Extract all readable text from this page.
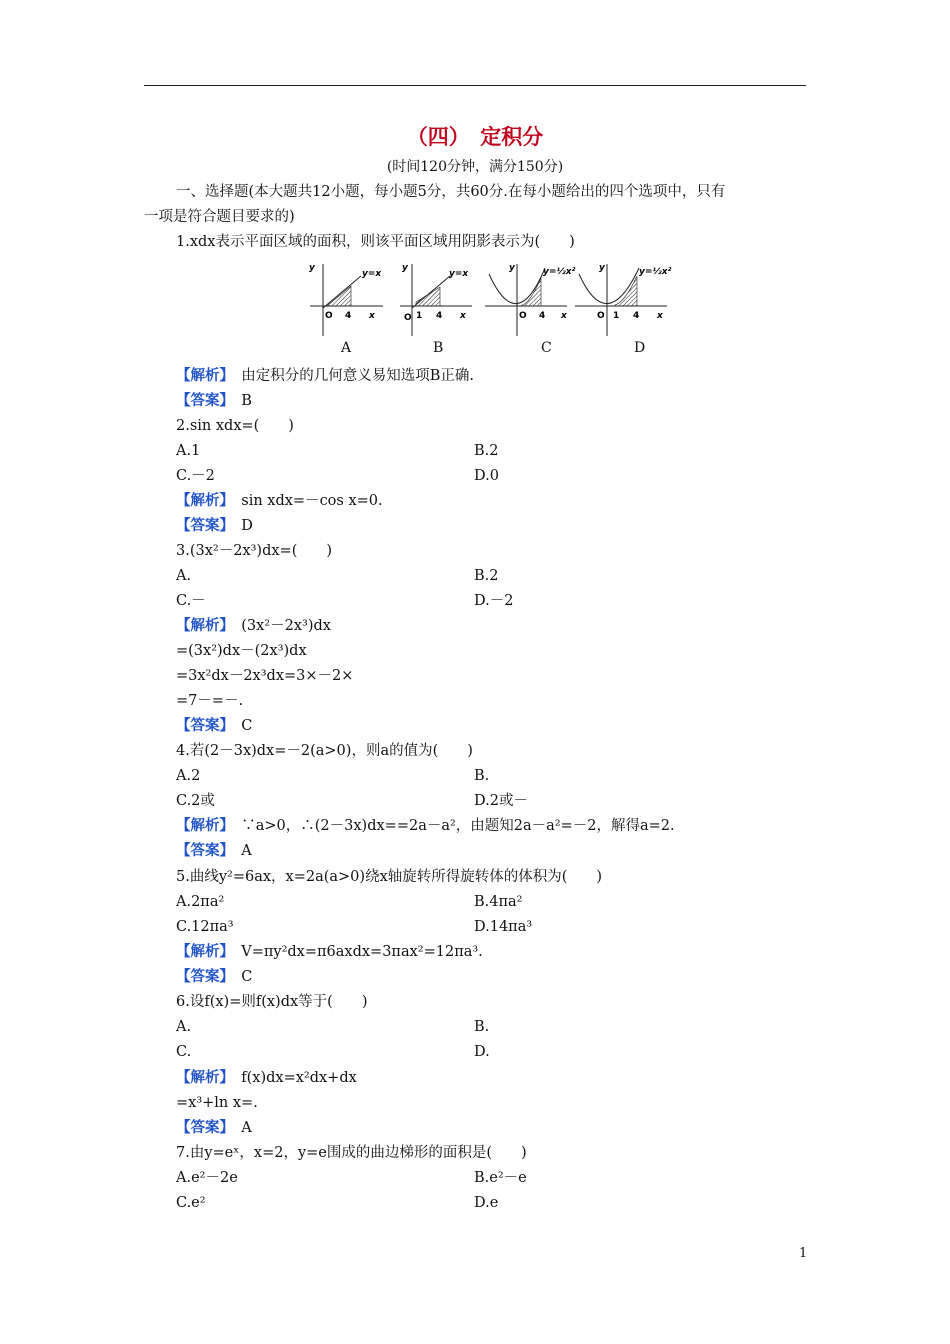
（四）　定积分
(时间120分钟，满分150分)
一、选择题(本大题共12小题，每小题5分，共60分.在每小题给出的四个选项中，只有
一项是符合题目要求的)
1.xdx表示平面区域的面积，则该平面区域用阴影表示为(　　)
y
y=x
O 4 x
y
y=x
O 1 4 x
y	y=½x²
O 4 x
y	y=½x²
O 1 4 x
A	B	C	D
【解析】　 由定积分的几何意义易知选项B正确.
【答案】　 B
2.sin xdx=(　　)
A.1	B.2
C.－2	D.0
【解析】　 sin xdx=－cos x=0.
【答案】　 D
3.(3x²－2x³)dx=(　　)
A.	B.2
C.－	D.－2
【解析】　 (3x²－2x³)dx
=(3x²)dx－(2x³)dx
=3x²dx－2x³dx=3×－2×
=7－=－.
【答案】　 C
4.若(2－3x)dx=－2(a>0)，则a的值为(　　)
A.2	B.
C.2或	D.2或－
【解析】　 ∵a>0，∴(2－3x)dx==2a－a²，由题知2a－a²=－2，解得a=2.
【答案】　 A
5.曲线y²=6ax，x=2a(a>0)绕x轴旋转所得旋转体的体积为(　　)
A.2πa²	B.4πa²
C.12πa³	D.14πa³
【解析】　 V=πy²dx=π6axdx=3πax²=12πa³.
【答案】　 C
6.设f(x)=则f(x)dx等于(　　)
A.	B.
C.	D.
【解析】　 f(x)dx=x²dx+dx
=x³+ln x=.
【答案】　 A
7.由y=eˣ，x=2，y=e围成的曲边梯形的面积是(　　)
A.e²－2e	B.e²－e
C.e²	D.e
1
